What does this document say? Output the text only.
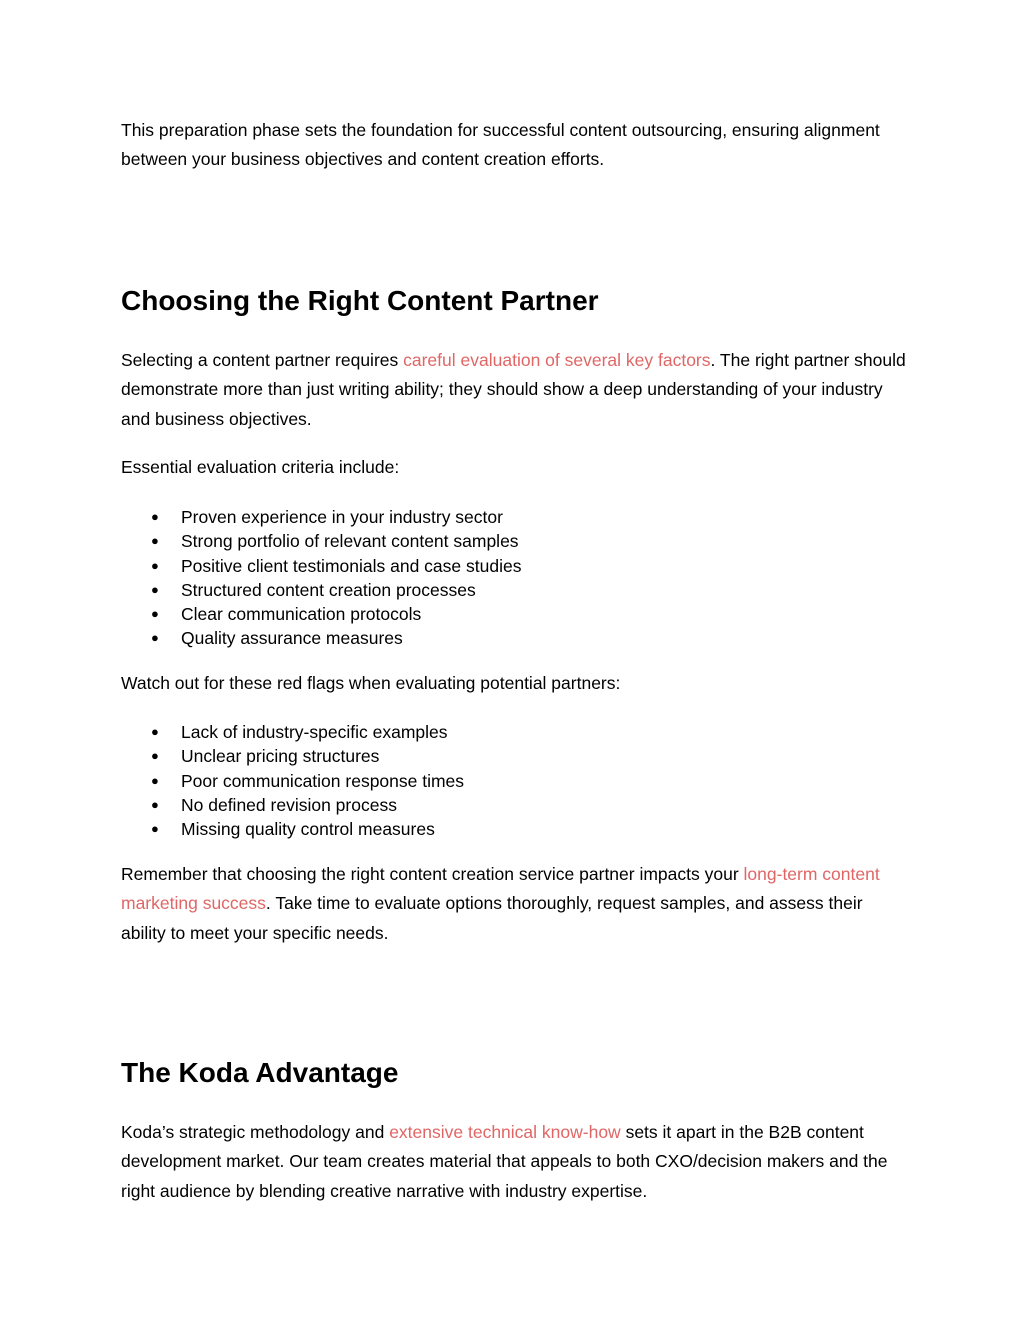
This preparation phase sets the foundation for successful content outsourcing, ensuring alignment between your business objectives and content creation efforts.

Choosing the Right Content Partner

Selecting a content partner requires careful evaluation of several key factors. The right partner should demonstrate more than just writing ability; they should show a deep understanding of your industry and business objectives.

Essential evaluation criteria include:

● Proven experience in your industry sector
● Strong portfolio of relevant content samples
● Positive client testimonials and case studies
● Structured content creation processes
● Clear communication protocols
● Quality assurance measures

Watch out for these red flags when evaluating potential partners:

● Lack of industry-specific examples
● Unclear pricing structures
● Poor communication response times
● No defined revision process
● Missing quality control measures

Remember that choosing the right content creation service partner impacts your long-term content marketing success. Take time to evaluate options thoroughly, request samples, and assess their ability to meet your specific needs.

The Koda Advantage

Koda’s strategic methodology and extensive technical know-how sets it apart in the B2B content development market. Our team creates material that appeals to both CXO/decision makers and the right audience by blending creative narrative with industry expertise.
